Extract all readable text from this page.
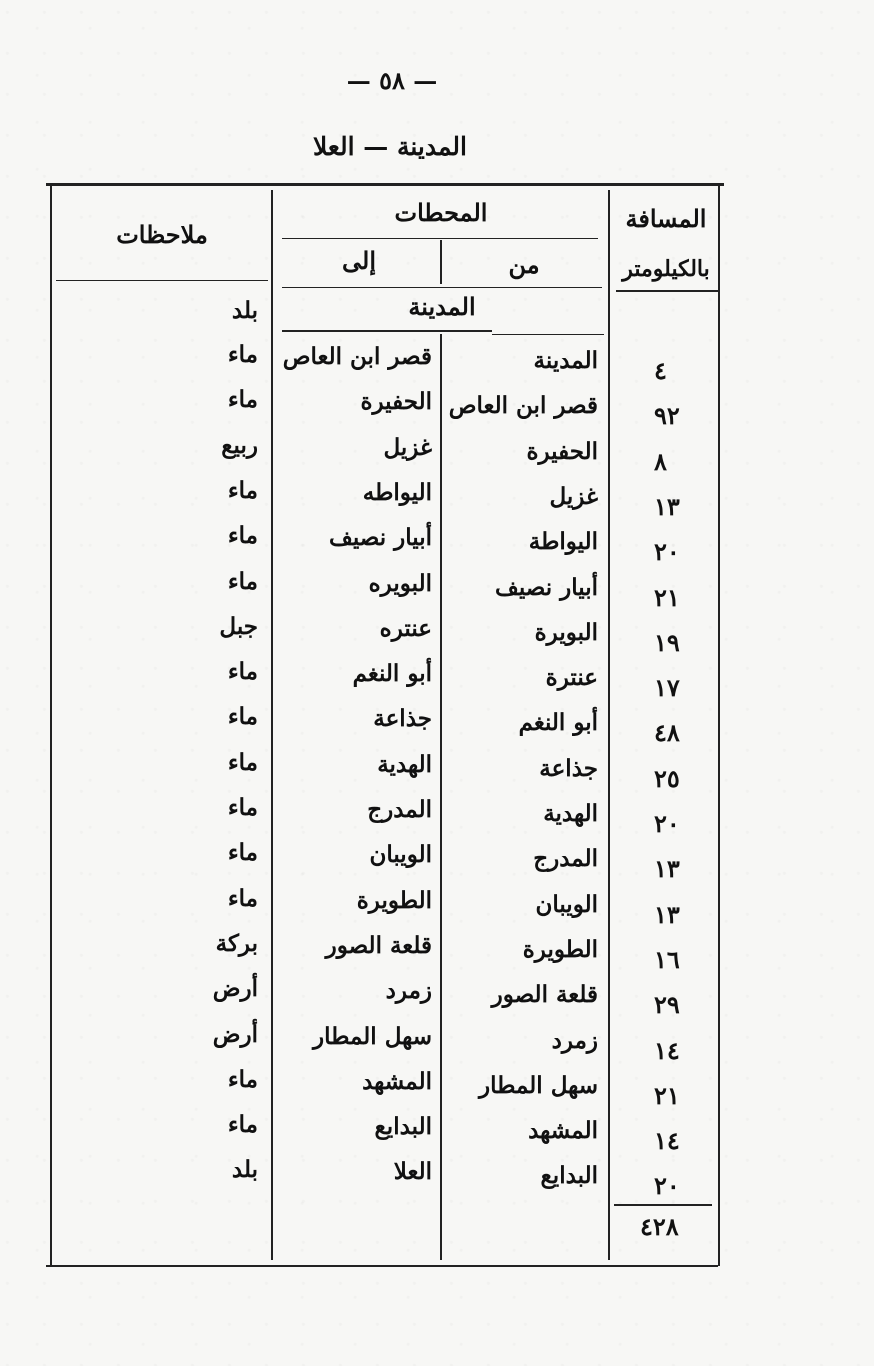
— ٥٨ —
المدينة — العلا
المسافة
بالكيلومتر
المحطات
من
إلى
ملاحظات
المدينة
بلد
٤
المدينة
قصر ابن العاص
ماء
٩٢
قصر ابن العاص
الحفيرة
ماء
٨
الحفيرة
غزيل
ربيع
١٣
غزيل
اليواطه
ماء
٢٠
اليواطة
أبيار نصيف
ماء
٢١
أبيار نصيف
البويره
ماء
١٩
البويرة
عنتره
جبل
١٧
عنترة
أبو النغم
ماء
٤٨
أبو النغم
جذاعة
ماء
٢٥
جذاعة
الهدية
ماء
٢٠
الهدية
المدرج
ماء
١٣
المدرج
الويبان
ماء
١٣
الويبان
الطويرة
ماء
١٦
الطويرة
قلعة الصور
بركة
٢٩
قلعة الصور
زمرد
أرض
١٤
زمرد
سهل المطار
أرض
٢١
سهل المطار
المشهد
ماء
١٤
المشهد
البدايع
ماء
٢٠
البدايع
العلا
بلد
٤٢٨
